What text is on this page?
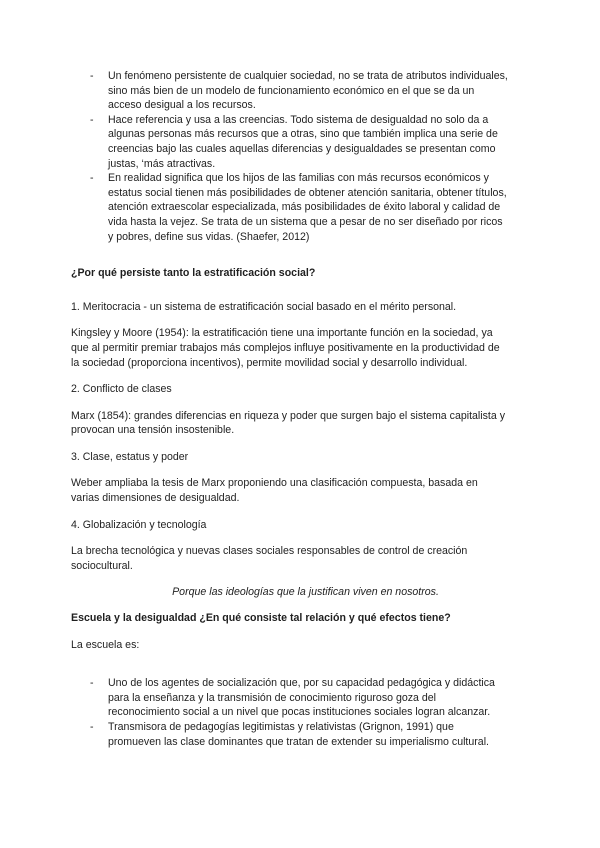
- Un fenómeno persistente de cualquier sociedad, no se trata de atributos individuales,
sino más bien de un modelo de funcionamiento económico en el que se da un
acceso desigual a los recursos.
- Hace referencia y usa a las creencias. Todo sistema de desigualdad no solo da a
algunas personas más recursos que a otras, sino que también implica una serie de
creencias bajo las cuales aquellas diferencias y desigualdades se presentan como
justas, ‘más atractivas.
- En realidad significa que los hijos de las familias con más recursos económicos y
estatus social tienen más posibilidades de obtener atención sanitaria, obtener títulos,
atención extraescolar especializada, más posibilidades de éxito laboral y calidad de
vida hasta la vejez. Se trata de un sistema que a pesar de no ser diseñado por ricos
y pobres, define sus vidas. (Shaefer, 2012)

¿Por qué persiste tanto la estratificación social?

1. Meritocracia - un sistema de estratificación social basado en el mérito personal.

Kingsley y Moore (1954): la estratificación tiene una importante función en la sociedad, ya
que al permitir premiar trabajos más complejos influye positivamente en la productividad de
la sociedad (proporciona incentivos), permite movilidad social y desarrollo individual.

2. Conflicto de clases

Marx (1854): grandes diferencias en riqueza y poder que surgen bajo el sistema capitalista y
provocan una tensión insostenible.

3. Clase, estatus y poder

Weber ampliaba la tesis de Marx proponiendo una clasificación compuesta, basada en
varias dimensiones de desigualdad.

4. Globalización y tecnología

La brecha tecnológica y nuevas clases sociales responsables de control de creación
sociocultural.

Porque las ideologías que la justifican viven en nosotros.

Escuela y la desigualdad ¿En qué consiste tal relación y qué efectos tiene?

La escuela es:

- Uno de los agentes de socialización que, por su capacidad pedagógica y didáctica
para la enseñanza y la transmisión de conocimiento riguroso goza del
reconocimiento social a un nivel que pocas instituciones sociales logran alcanzar.
- Transmisora de pedagogías legitimistas y relativistas (Grignon, 1991) que
promueven las clase dominantes que tratan de extender su imperialismo cultural.
